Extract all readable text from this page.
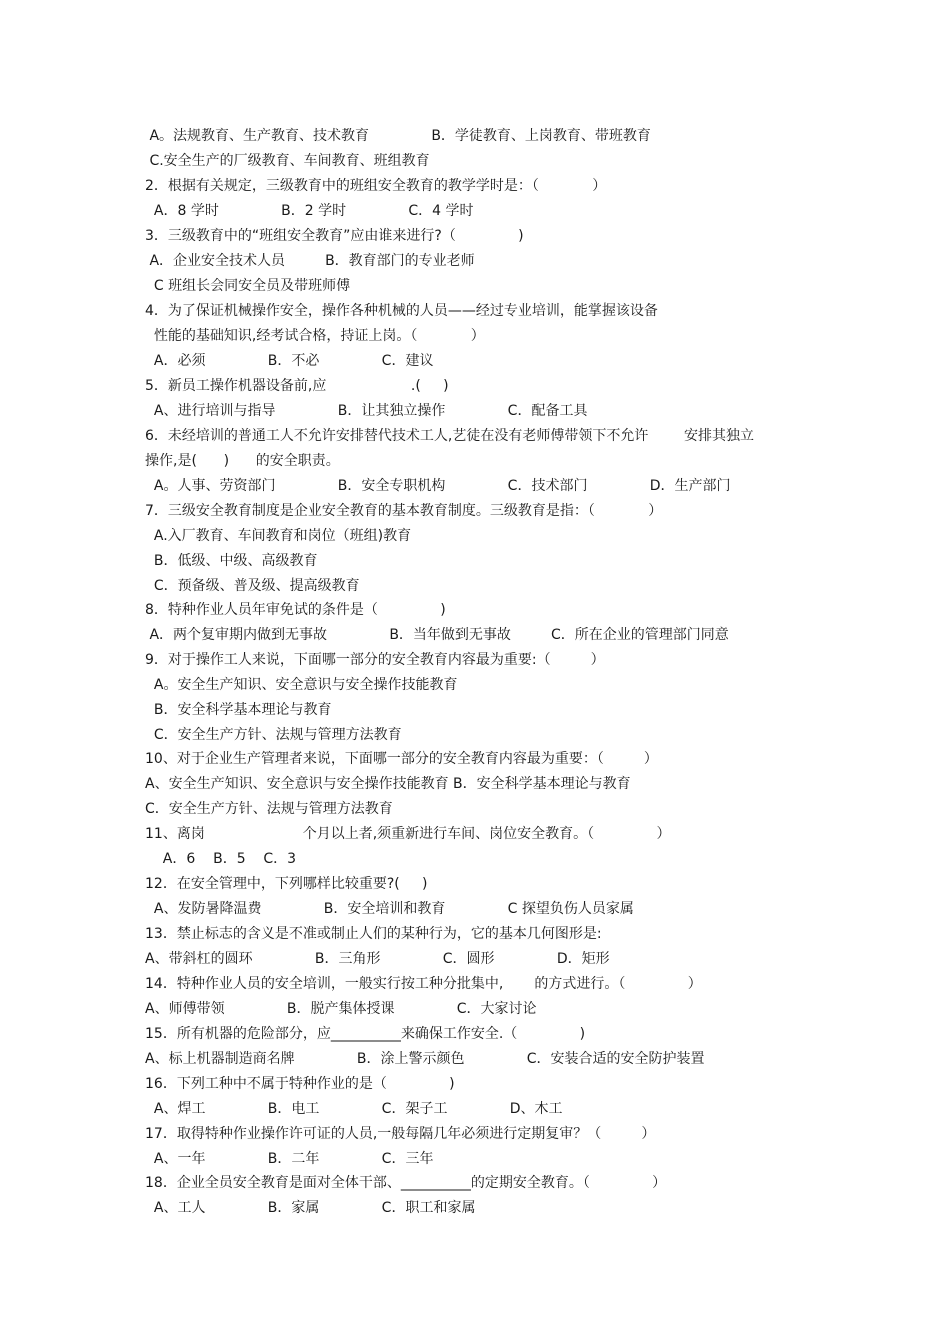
A。法规教育、生产教育、技术教育              B．学徒教育、上岗教育、带班教育
C.安全生产的厂级教育、车间教育、班组教育
2．根据有关规定，三级教育中的班组安全教育的教学学时是：（            ）
A．8 学时              B．2 学时              C．4 学时
3．三级教育中的“班组安全教育”应由谁来进行?（              )
A．企业安全技术人员         B．教育部门的专业老师
C 班组长会同安全员及带班师傅
4．为了保证机械操作安全，操作各种机械的人员——经过专业培训，能掌握该设备
性能的基础知识,经考试合格，持证上岗。（            ）
A．必须              B．不必              C．建议
5．新员工操作机器设备前,应                   .(     )
A、进行培训与指导              B．让其独立操作              C．配备工具
6．未经培训的普通工人不允许安排替代技术工人,艺徒在没有老师傅带领下不允许        安排其独立
操作,是(      )      的安全职责。
A。人事、劳资部门              B．安全专职机构              C．技术部门              D．生产部门
7．三级安全教育制度是企业安全教育的基本教育制度。三级教育是指：（            ）
A.入厂教育、车间教育和岗位（班组)教育
B．低级、中级、高级教育
C．预备级、普及级、提高级教育
8．特种作业人员年审免试的条件是（              )
A．两个复审期内做到无事故              B．当年做到无事故         C．所在企业的管理部门同意
9．对于操作工人来说，下面哪一部分的安全教育内容最为重要:（         ）
A。安全生产知识、安全意识与安全操作技能教育
B．安全科学基本理论与教育
C．安全生产方针、法规与管理方法教育
10、对于企业生产管理者来说，下面哪一部分的安全教育内容最为重要：（         ）
A、安全生产知识、安全意识与安全操作技能教育 B．安全科学基本理论与教育
C．安全生产方针、法规与管理方法教育
11、离岗                      个月以上者,须重新进行车间、岗位安全教育。（              ）
A．6    B．5    C．3
12．在安全管理中，下列哪样比较重要?(     )
A、发防暑降温费              B．安全培训和教育              C 探望负伤人员家属
13．禁止标志的含义是不准或制止人们的某种行为，它的基本几何图形是:
A、带斜杠的圆环              B．三角形              C．圆形              D．矩形
14．特种作业人员的安全培训，一般实行按工种分批集中,       的方式进行。（              ）
A、师傅带领              B．脱产集体授课              C．大家讨论
15．所有机器的危险部分，应__________来确保工作安全.（              )
A、标上机器制造商名牌              B．涂上警示颜色              C．安装合适的安全防护装置
16．下列工种中不属于特种作业的是（              )
A、焊工              B．电工              C．架子工              D、木工
17．取得特种作业操作许可证的人员,一般每隔几年必须进行定期复审？（         ）
A、一年              B．二年              C．三年
18．企业全员安全教育是面对全体干部、__________的定期安全教育。（              ）
A、工人              B．家属              C．职工和家属
